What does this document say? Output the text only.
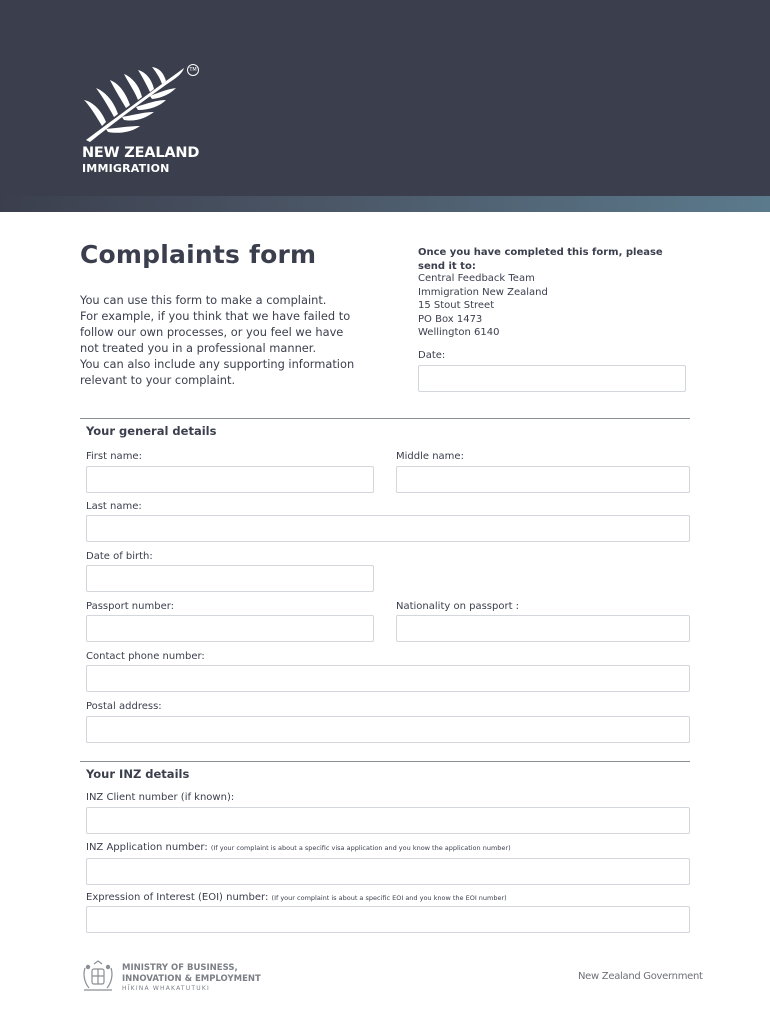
TM
NEW ZEALAND
IMMIGRATION
Complaints form
You can use this form to make a complaint.
For example, if you think that we have failed to
follow our own processes, or you feel we have
not treated you in a professional manner.
You can also include any supporting information
relevant to your complaint.
Once you have completed this form, please
send it to:
Central Feedback Team
Immigration New Zealand
15 Stout Street
PO Box 1473
Wellington 6140
Date:
Your general details
First name:	Middle name:
Last name:
Date of birth:
Passport number:	Nationality on passport :
Contact phone number:
Postal address:
Your INZ details
INZ Client number (if known):
INZ Application number: (If your complaint is about a specific visa application and you know the application number)
Expression of Interest (EOI) number: (If your complaint is about a specific EOI and you know the EOI number)
MINISTRY OF BUSINESS,
INNOVATION & EMPLOYMENT
HĪKINA WHAKATUTUKI
New Zealand Government
